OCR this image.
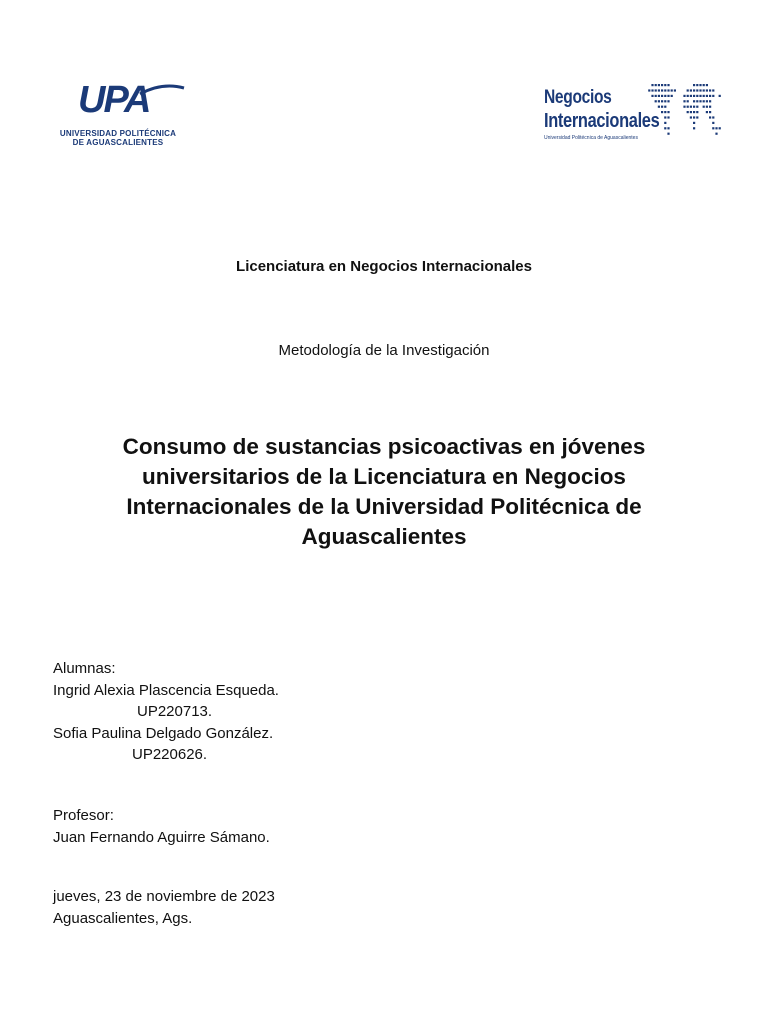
UPA
UNIVERSIDAD POLITÉCNICA
DE AGUASCALIENTES
Negocios
Internacionales
Universidad Politécnica de Aguascalientes
Licenciatura en Negocios Internacionales
Metodología de la Investigación
Consumo de sustancias psicoactivas en jóvenes
universitarios de la Licenciatura en Negocios
Internacionales de la Universidad Politécnica de
Aguascalientes
Alumnas:
Ingrid Alexia Plascencia Esqueda.
UP220713.
Sofia Paulina Delgado González.
UP220626.
Profesor:
Juan Fernando Aguirre Sámano.
jueves, 23 de noviembre de 2023
Aguascalientes, Ags.
